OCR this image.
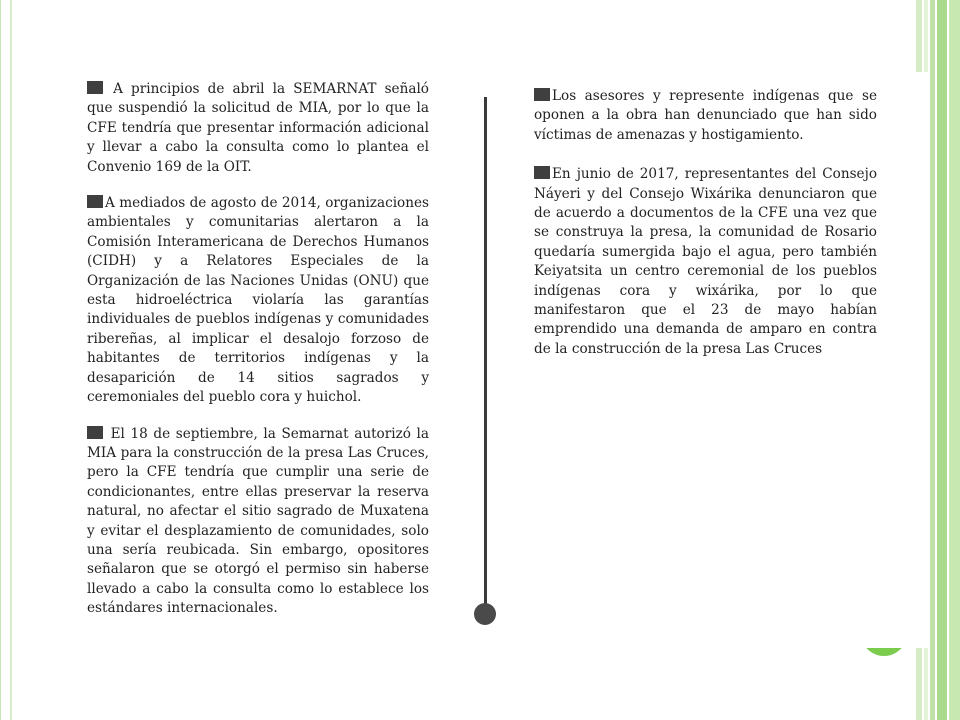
A principios de abril la SEMARNAT señaló que suspendió la solicitud de MIA, por lo que la CFE tendría que presentar información adicional y llevar a cabo la consulta como lo plantea el Convenio 169 de la OIT.

A mediados de agosto de 2014, organizaciones ambientales y comunitarias alertaron a la Comisión Interamericana de Derechos Humanos (CIDH) y a Relatores Especiales de la Organización de las Naciones Unidas (ONU) que esta hidroeléctrica violaría las garantías individuales de pueblos indígenas y comunidades ribereñas, al implicar el desalojo forzoso de habitantes de territorios indígenas y la desaparición de 14 sitios sagrados y ceremoniales del pueblo cora y huichol.

El 18 de septiembre, la Semarnat autorizó la MIA para la construcción de la presa Las Cruces, pero la CFE tendría que cumplir una serie de condicionantes, entre ellas preservar la reserva natural, no afectar el sitio sagrado de Muxatena y evitar el desplazamiento de comunidades, solo una sería reubicada. Sin embargo, opositores señalaron que se otorgó el permiso sin haberse llevado a cabo la consulta como lo establece los estándares internacionales.

Los asesores y represente indígenas que se oponen a la obra han denunciado que han sido víctimas de amenazas y hostigamiento.

En junio de 2017, representantes del Consejo Náyeri y del Consejo Wixárika denunciaron que de acuerdo a documentos de la CFE una vez que se construya la presa, la comunidad de Rosario quedaría sumergida bajo el agua, pero también Keiyatsita un centro ceremonial de los pueblos indígenas cora y wixárika, por lo que manifestaron que el 23 de mayo habían emprendido una demanda de amparo en contra de la construcción de la presa Las Cruces
